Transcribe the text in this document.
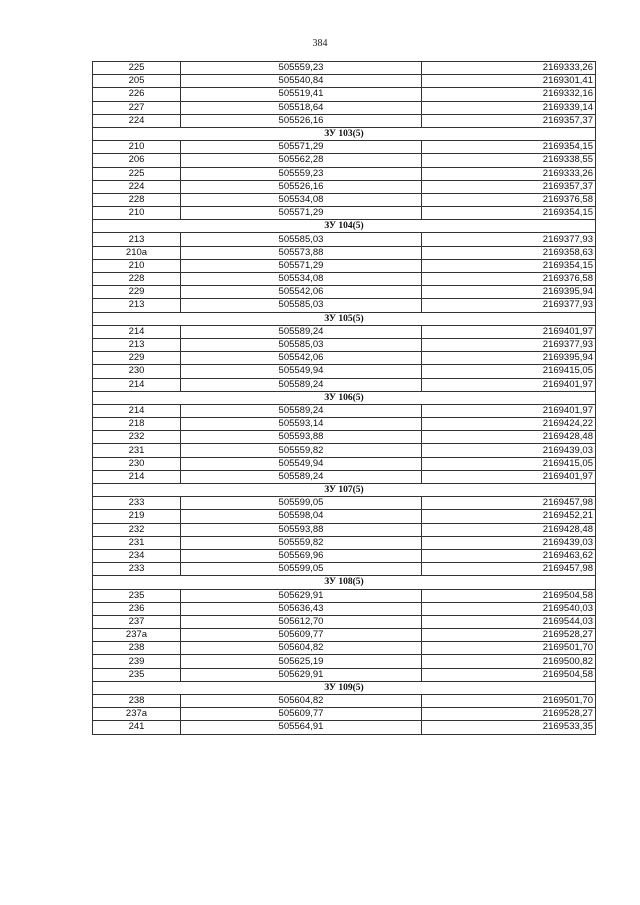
384
225	505559,23	2169333,26
205	505540,84	2169301,41
226	505519,41	2169332,16
227	505518,64	2169339,14
224	505526,16	2169357,37
ЗУ 103(5)		
210	505571,29	2169354,15
206	505562,28	2169338,55
225	505559,23	2169333,26
224	505526,16	2169357,37
228	505534,08	2169376,58
210	505571,29	2169354,15
ЗУ 104(5)		
213	505585,03	2169377,93
210а	505573,88	2169358,63
210	505571,29	2169354,15
228	505534,08	2169376,58
229	505542,06	2169395,94
213	505585,03	2169377,93
ЗУ 105(5)		
214	505589,24	2169401,97
213	505585,03	2169377,93
229	505542,06	2169395,94
230	505549,94	2169415,05
214	505589,24	2169401,97
ЗУ 106(5)		
214	505589,24	2169401,97
218	505593,14	2169424,22
232	505593,88	2169428,48
231	505559,82	2169439,03
230	505549,94	2169415,05
214	505589,24	2169401,97
ЗУ 107(5)		
233	505599,05	2169457,98
219	505598,04	2169452,21
232	505593,88	2169428,48
231	505559,82	2169439,03
234	505569,96	2169463,62
233	505599,05	2169457,98
ЗУ 108(5)		
235	505629,91	2169504,58
236	505636,43	2169540,03
237	505612,70	2169544,03
237а	505609,77	2169528,27
238	505604,82	2169501,70
239	505625,19	2169500,82
235	505629,91	2169504,58
ЗУ 109(5)		
238	505604,82	2169501,70
237а	505609,77	2169528,27
241	505564,91	2169533,35
